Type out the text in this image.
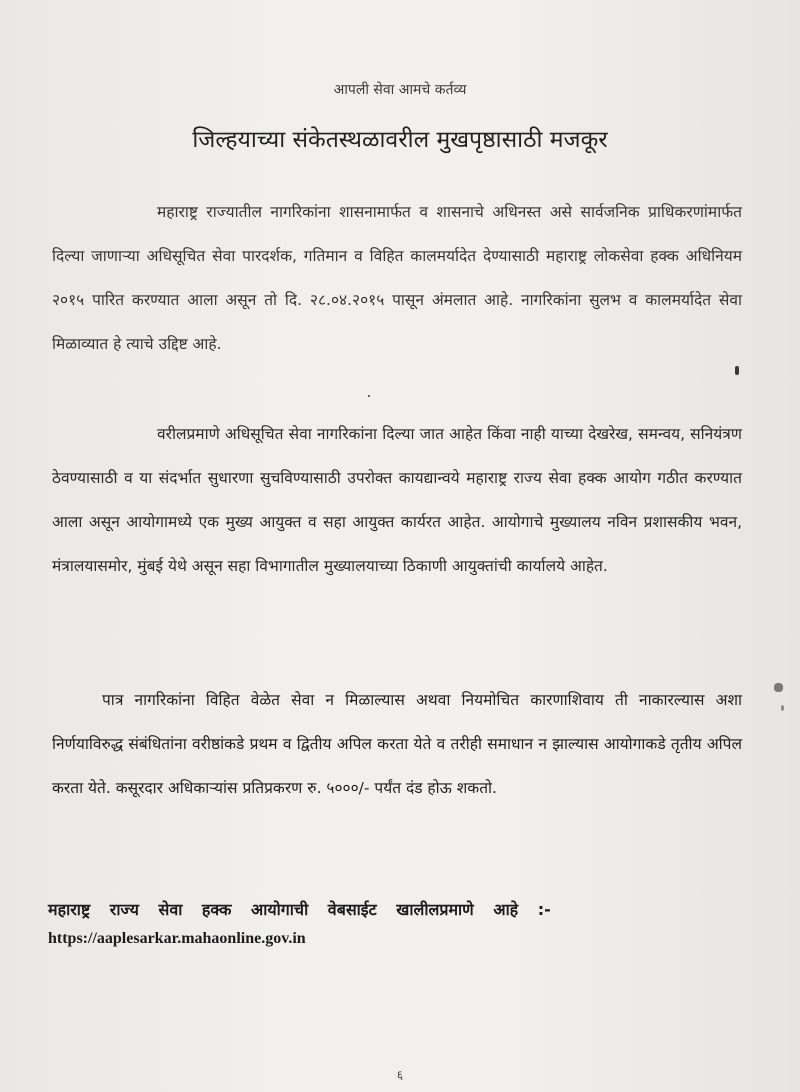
आपली सेवा आमचे कर्तव्य
जिल्हयाच्या संकेतस्थळावरील मुखपृष्ठासाठी मजकूर

महाराष्ट्र राज्यातील नागरिकांना शासनामार्फत व शासनाचे अधिनस्त असे सार्वजनिक प्राधिकरणांमार्फत दिल्या जाणाऱ्या अधिसूचित सेवा पारदर्शक, गतिमान व विहित कालमर्यादेत देण्यासाठी महाराष्ट्र लोकसेवा हक्क अधिनियम २०१५ पारित करण्यात आला असून तो दि. २८.०४.२०१५ पासून अंमलात आहे. नागरिकांना सुलभ व कालमर्यादेत सेवा मिळाव्यात हे त्याचे उद्दिष्ट आहे.

वरीलप्रमाणे अधिसूचित सेवा नागरिकांना दिल्या जात आहेत किंवा नाही याच्या देखरेख, समन्वय, सनियंत्रण ठेवण्यासाठी व या संदर्भात सुधारणा सुचविण्यासाठी उपरोक्त कायद्यान्वये महाराष्ट्र राज्य सेवा हक्क आयोग गठीत करण्यात आला असून आयोगामध्ये एक मुख्य आयुक्त व सहा आयुक्त कार्यरत आहेत. आयोगाचे मुख्यालय नविन प्रशासकीय भवन, मंत्रालयासमोर, मुंबई येथे असून सहा विभागातील मुख्यालयाच्या ठिकाणी आयुक्तांची कार्यालये आहेत.

पात्र नागरिकांना विहित वेळेत सेवा न मिळाल्यास अथवा नियमोचित कारणाशिवाय ती नाकारल्यास अशा निर्णयाविरुद्ध संबंधितांना वरीष्ठांकडे प्रथम व द्वितीय अपिल करता येते व तरीही समाधान न झाल्यास आयोगाकडे तृतीय अपिल करता येते. कसूरदार अधिकाऱ्यांस प्रतिप्रकरण रु. ५०००/- पर्यंत दंड होऊ शकतो.

महाराष्ट्र राज्य सेवा हक्क आयोगाची वेबसाईट खालीलप्रमाणे आहे :-
https://aaplesarkar.mahaonline.gov.in
६
